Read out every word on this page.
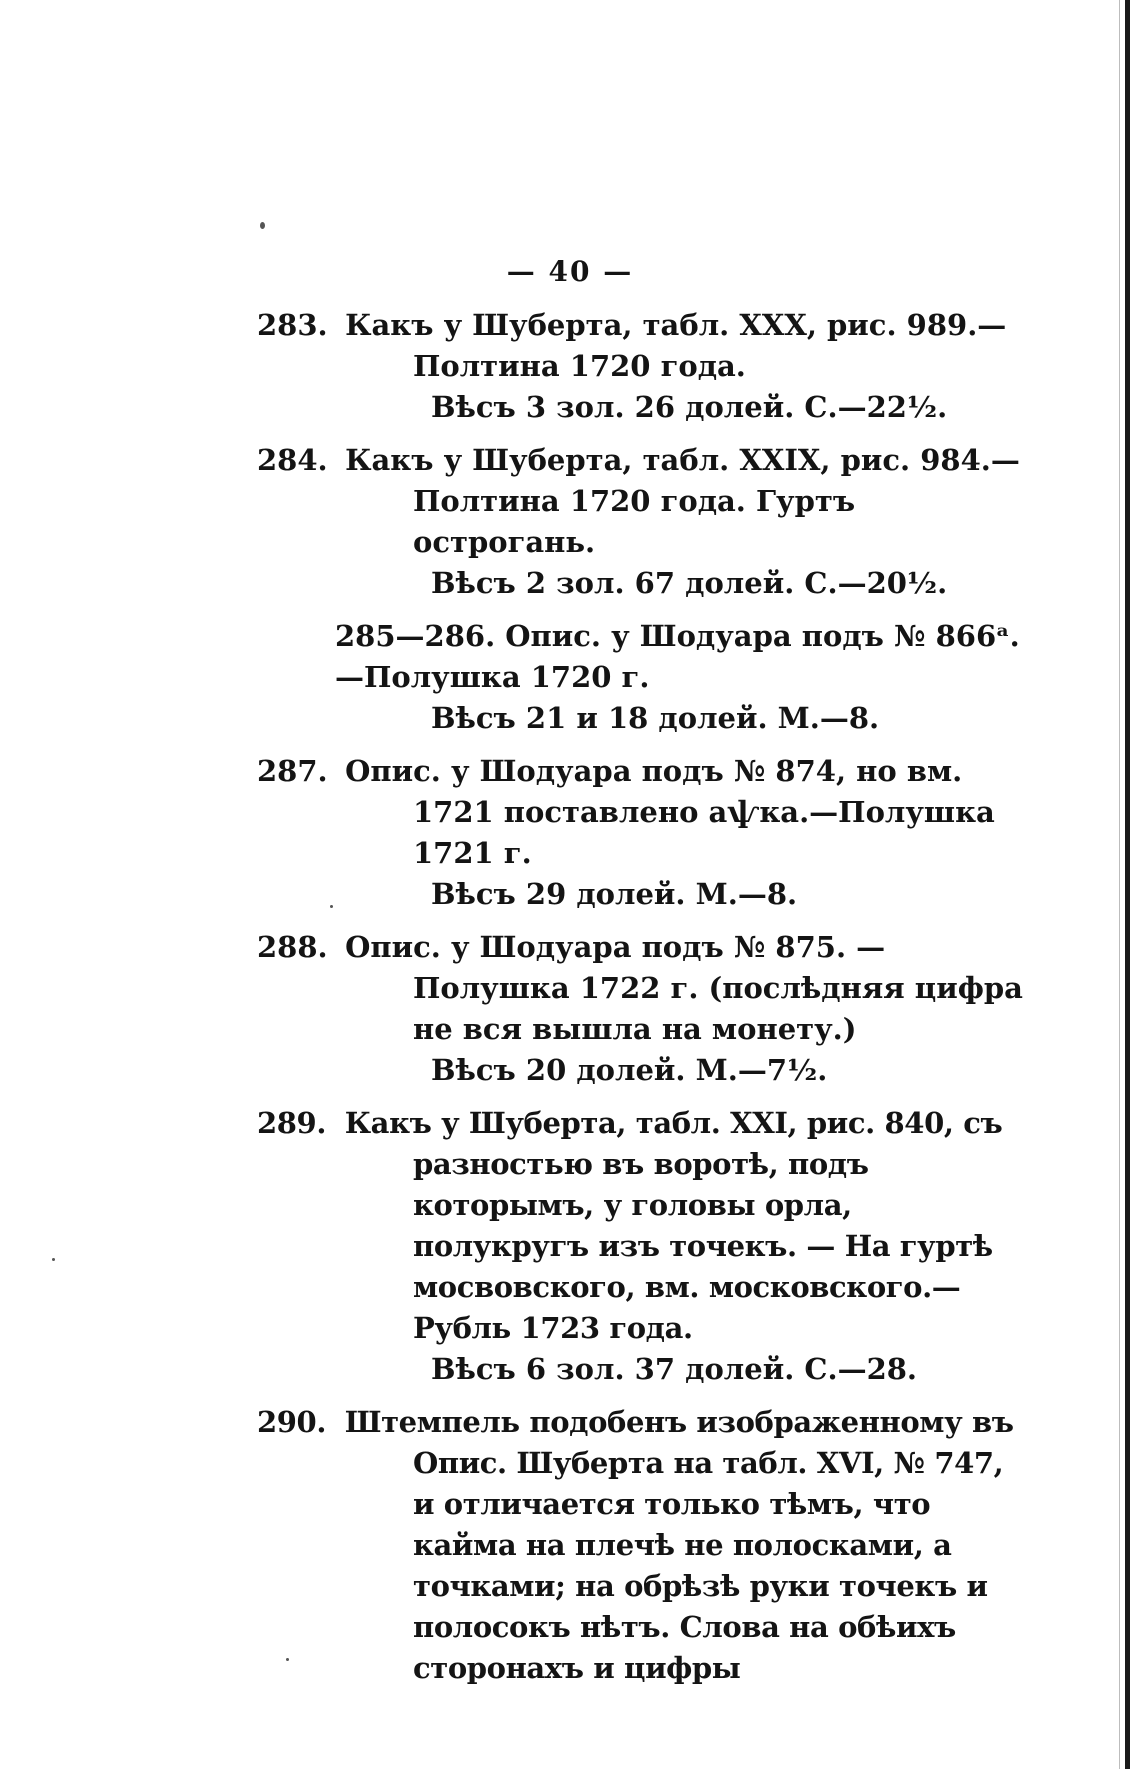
— 40 —
283. Какъ у Шуберта, табл. XXX, рис. 989.—Полтина 1720 года.
Вѣсъ 3 зол. 26 долей. С.—22½.
284. Какъ у Шуберта, табл. XXIX, рис. 984.—Полтина 1720 года. Гуртъ острогань.
Вѣсъ 2 зол. 67 долей. С.—20½.
285—286. Опис. у Шодуара подъ № 866ᵃ.—Полушка 1720 г.
Вѣсъ 21 и 18 долей. М.—8.
287. Опис. у Шодуара подъ № 874, но вм. 1721 поставлено аѱка.—Полушка 1721 г.
Вѣсъ 29 долей. М.—8.
288. Опис. у Шодуара подъ № 875. — Полушка 1722 г. (послѣдняя цифра не вся вышла на монету.)
Вѣсъ 20 долей. М.—7½.
289. Какъ у Шуберта, табл. XXI, рис. 840, съ разностью въ воротѣ, подъ которымъ, у головы орла, полукругъ изъ точекъ. — На гуртѣ мосвовского, вм. московского.—Рубль 1723 года.
Вѣсъ 6 зол. 37 долей. С.—28.
290. Штемпель подобенъ изображенному въ Опис. Шуберта на табл. XVI, № 747, и отличается только тѣмъ, что кайма на плечѣ не полосками, а точками; на обрѣзѣ руки точекъ и полосокъ нѣтъ. Слова на обѣихъ сторонахъ и цифры
